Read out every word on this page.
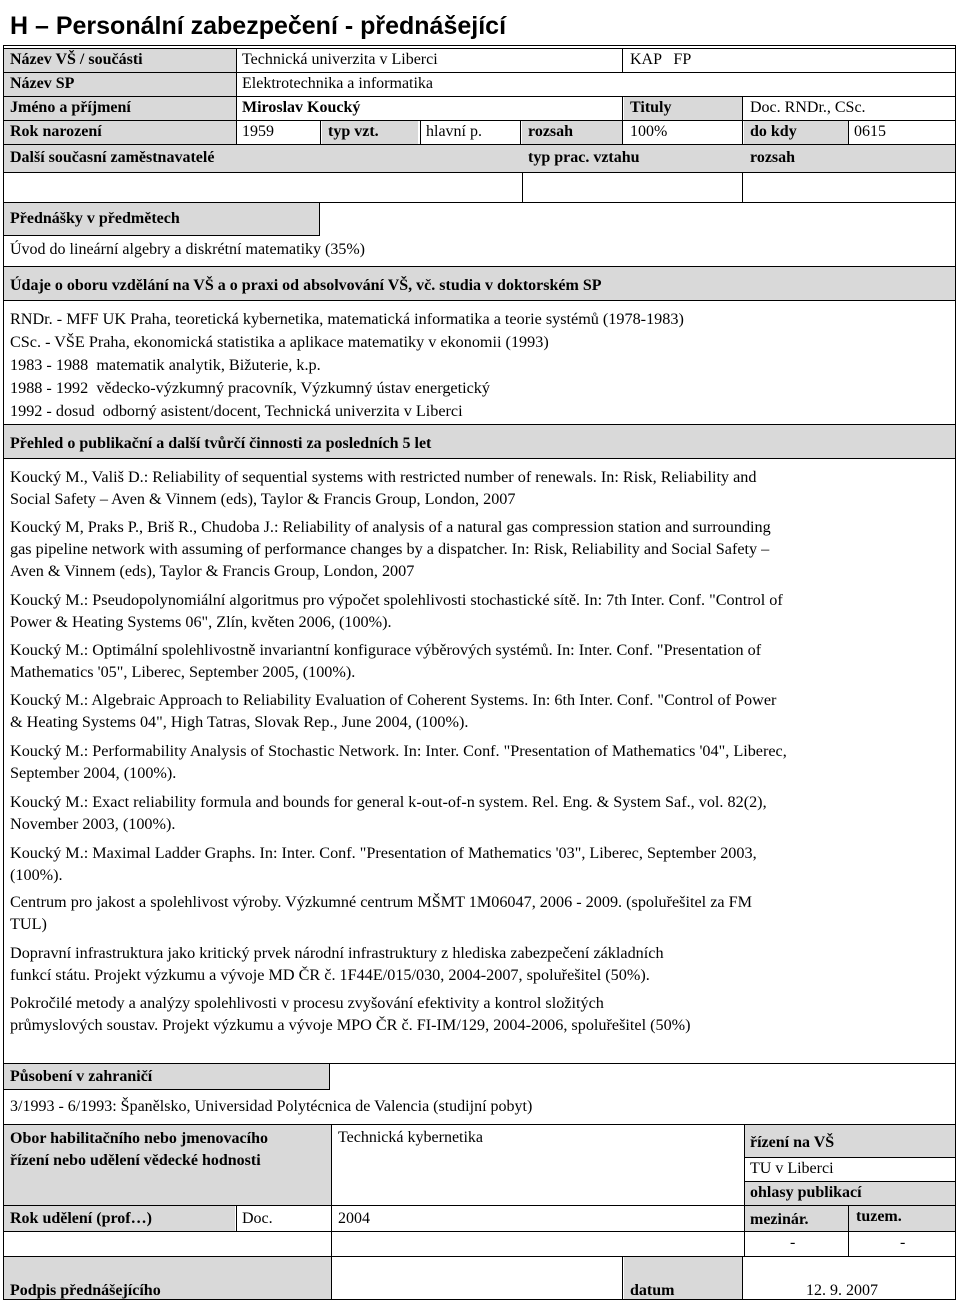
H – Personální zabezpečení - přednášející
Název VŠ / součásti	Technická univerzita v Liberci	KAP   FP
Název SP	Elektrotechnika a informatika
Jméno a příjmení	Miroslav Koucký	Tituly	Doc. RNDr., CSc.
Rok narození	1959	typ vzt.	hlavní p.	rozsah	100%	do kdy	0615
Další současní zaměstnavatelé	typ prac. vztahu	rozsah
Přednášky v předmětech
Úvod do lineární algebry a diskrétní matematiky (35%)
Údaje o oboru vzdělání na VŠ a o praxi od absolvování VŠ, vč. studia v doktorském SP
RNDr. - MFF UK Praha, teoretická kybernetika, matematická informatika a teorie systémů (1978-1983)
CSc. - VŠE Praha, ekonomická statistika a aplikace matematiky v ekonomii (1993)
1983 - 1988  matematik analytik, Bižuterie, k.p.
1988 - 1992  vědecko-výzkumný pracovník, Výzkumný ústav energetický
1992 - dosud  odborný asistent/docent, Technická univerzita v Liberci
Přehled o publikační a další tvůrčí činnosti za posledních 5 let
Koucký M., Vališ D.: Reliability of sequential systems with restricted number of renewals. In: Risk, Reliability and
Social Safety – Aven & Vinnem (eds), Taylor & Francis Group, London, 2007
Koucký M, Praks P., Briš R., Chudoba J.: Reliability of analysis of a natural gas compression station and surrounding
gas pipeline network with assuming of performance changes by a dispatcher. In: Risk, Reliability and Social Safety –
Aven & Vinnem (eds), Taylor & Francis Group, London, 2007
Koucký M.: Pseudopolynomiální algoritmus pro výpočet spolehlivosti stochastické sítě. In: 7th Inter. Conf. "Control of
Power & Heating Systems 06", Zlín, květen 2006, (100%).
Koucký M.: Optimální spolehlivostně invariantní konfigurace výběrových systémů. In: Inter. Conf. "Presentation of
Mathematics '05", Liberec, September 2005, (100%).
Koucký M.: Algebraic Approach to Reliability Evaluation of Coherent Systems. In: 6th Inter. Conf. "Control of Power
& Heating Systems 04", High Tatras, Slovak Rep., June 2004, (100%).
Koucký M.: Performability Analysis of Stochastic Network. In: Inter. Conf. "Presentation of Mathematics '04", Liberec,
September 2004, (100%).
Koucký M.: Exact reliability formula and bounds for general k-out-of-n system. Rel. Eng. & System Saf., vol. 82(2),
November 2003, (100%).
Koucký M.: Maximal Ladder Graphs. In: Inter. Conf. "Presentation of Mathematics '03", Liberec, September 2003,
(100%).
Centrum pro jakost a spolehlivost výroby. Výzkumné centrum MŠMT 1M06047, 2006 - 2009. (spoluřešitel za FM
TUL)
Dopravní infrastruktura jako kritický prvek národní infrastruktury z hlediska zabezpečení základních
funkcí státu. Projekt výzkumu a vývoje MD ČR č. 1F44E/015/030, 2004-2007, spoluřešitel (50%).
Pokročilé metody a analýzy spolehlivosti v procesu zvyšování efektivity a kontrol složitých
průmyslových soustav. Projekt výzkumu a vývoje MPO ČR č. FI-IM/129, 2004-2006, spoluřešitel (50%)
Působení v zahraničí
3/1993 - 6/1993: Španělsko, Universidad Polytécnica de Valencia (studijní pobyt)
Obor habilitačního nebo jmenovacího
řízení nebo udělení vědecké hodnosti
Technická kybernetika	řízení na VŠ
TU v Liberci
ohlasy publikací
Rok udělení (prof…)	Doc.	2004	mezinár.	tuzem.
-	-
Podpis přednášejícího	datum	12. 9. 2007
